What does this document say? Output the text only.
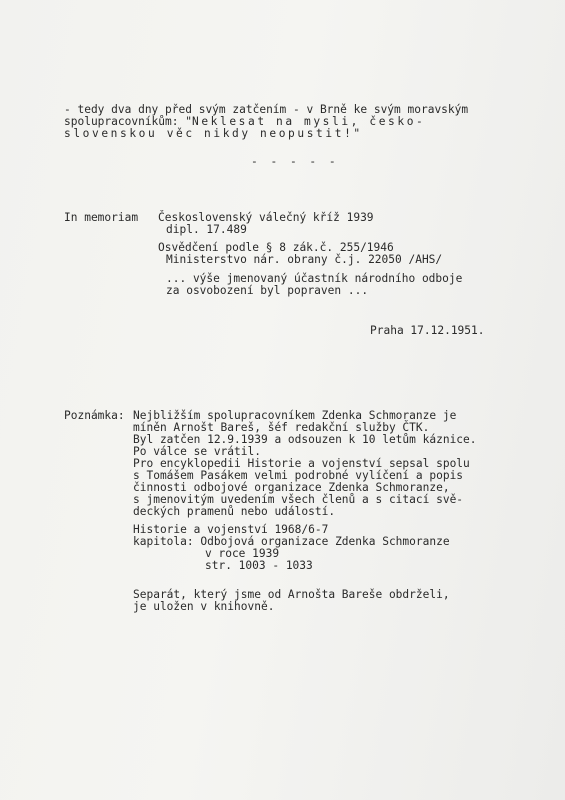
- tedy dva dny před svým zatčením - v Brně ke svým moravským
spolupracovníkům: "Neklesat na mysli, česko-
slovenskou věc nikdy neopustit!"
- - - - -
In memoriam Československý válečný kříž 1939
dipl. 17.489
Osvědčení podle § 8 zák.č. 255/1946
Ministerstvo nár. obrany č.j. 22050 /AHS/
... výše jmenovaný účastník národního odboje
za osvobození byl popraven ...
Praha 17.12.1951.
Poznámka: Nejbližším spolupracovníkem Zdenka Schmoranze je
míněn Arnošt Bareš, šéf redakční služby ČTK.
Byl zatčen 12.9.1939 a odsouzen k 10 letům káznice.
Po válce se vrátil.
Pro encyklopedii Historie a vojenství sepsal spolu
s Tomášem Pasákem velmi podrobné vylíčení a popis
činnosti odbojové organizace Zdenka Schmoranze,
s jmenovitým uvedením všech členů a s citací svě-
deckých pramenů nebo událostí.
Historie a vojenství 1968/6-7
kapitola: Odbojová organizace Zdenka Schmoranze
v roce 1939
str. 1003 - 1033
Separát, který jsme od Arnošta Bareše obdrželi,
je uložen v knihovně.
